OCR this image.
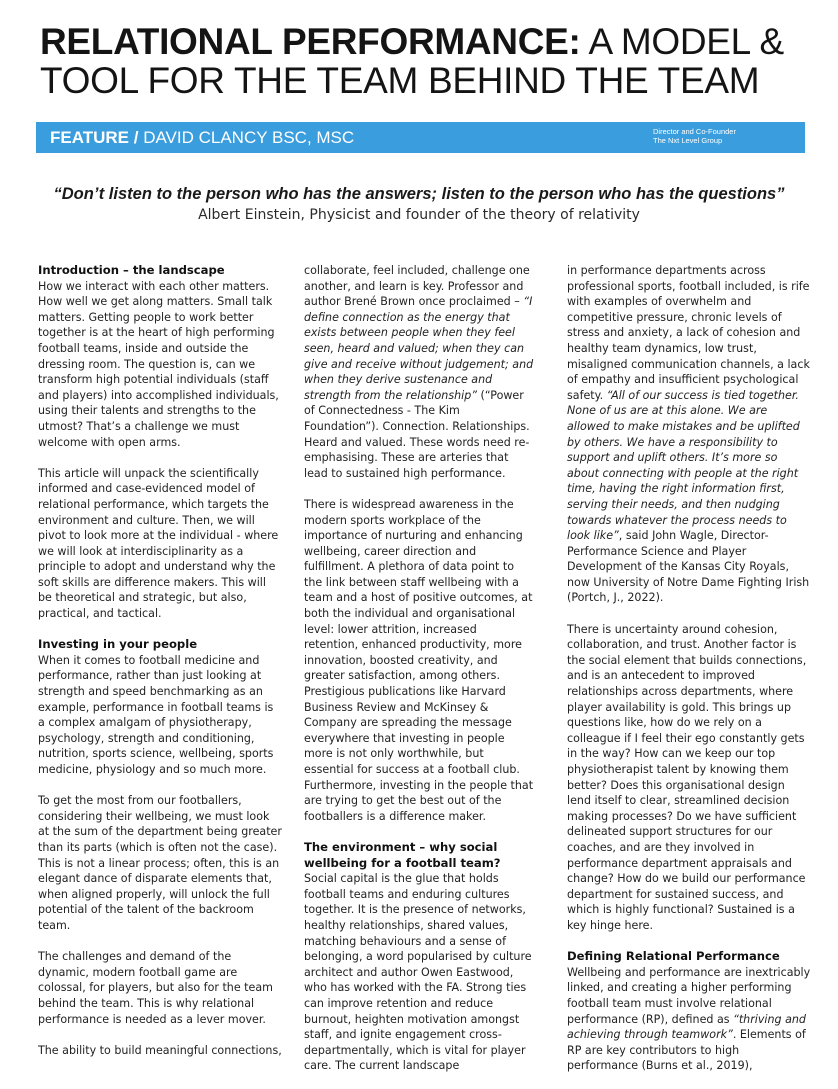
RELATIONAL PERFORMANCE: A MODEL &
TOOL FOR THE TEAM BEHIND THE TEAM
FEATURE / DAVID CLANCY BSC, MSC	Director and Co-Founder
The Nxt Level Group
“Don’t listen to the person who has the answers; listen to the person who has the questions”
Albert Einstein, Physicist and founder of the theory of relativity
Introduction – the landscape

How we interact with each other matters. How well we get along matters. Small talk matters. Getting people to work better together is at the heart of high performing football teams, inside and outside the dressing room. The question is, can we transform high potential individuals (staff and players) into accomplished individuals, using their talents and strengths to the utmost? That’s a challenge we must welcome with open arms.

This article will unpack the scientifically informed and case-evidenced model of relational performance, which targets the environment and culture. Then, we will pivot to look more at the individual - where we will look at interdisciplinarity as a principle to adopt and understand why the soft skills are difference makers. This will be theoretical and strategic, but also, practical, and tactical.

Investing in your people

When it comes to football medicine and performance, rather than just looking at strength and speed benchmarking as an example, performance in football teams is a complex amalgam of physiotherapy, psychology, strength and conditioning, nutrition, sports science, wellbeing, sports medicine, physiology and so much more.

To get the most from our footballers, considering their wellbeing, we must look at the sum of the department being greater than its parts (which is often not the case). This is not a linear process; often, this is an elegant dance of disparate elements that, when aligned properly, will unlock the full potential of the talent of the backroom team.

The challenges and demand of the dynamic, modern football game are colossal, for players, but also for the team behind the team. This is why relational performance is needed as a lever mover.

The ability to build meaningful connections,

collaborate, feel included, challenge one another, and learn is key. Professor and author Brené Brown once proclaimed – “I define connection as the energy that exists between people when they feel seen, heard and valued; when they can give and receive without judgement; and when they derive sustenance and strength from the relationship” (“Power of Connectedness - The Kim Foundation”). Connection. Relationships. Heard and valued. These words need re-emphasising. These are arteries that lead to sustained high performance.

There is widespread awareness in the modern sports workplace of the importance of nurturing and enhancing wellbeing, career direction and fulfillment. A plethora of data point to the link between staff wellbeing with a team and a host of positive outcomes, at both the individual and organisational level: lower attrition, increased retention, enhanced productivity, more innovation, boosted creativity, and greater satisfaction, among others. Prestigious publications like Harvard Business Review and McKinsey & Company are spreading the message everywhere that investing in people more is not only worthwhile, but essential for success at a football club. Furthermore, investing in the people that are trying to get the best out of the footballers is a difference maker.

The environment – why social wellbeing for a football team?

Social capital is the glue that holds football teams and enduring cultures together. It is the presence of networks, healthy relationships, shared values, matching behaviours and a sense of belonging, a word popularised by culture architect and author Owen Eastwood, who has worked with the FA. Strong ties can improve retention and reduce burnout, heighten motivation amongst staff, and ignite engagement cross-departmentally, which is vital for player care. The current landscape

in performance departments across professional sports, football included, is rife with examples of overwhelm and competitive pressure, chronic levels of stress and anxiety, a lack of cohesion and healthy team dynamics, low trust, misaligned communication channels, a lack of empathy and insufficient psychological safety. “All of our success is tied together. None of us are at this alone. We are allowed to make mistakes and be uplifted by others. We have a responsibility to support and uplift others. It’s more so about connecting with people at the right time, having the right information first, serving their needs, and then nudging towards whatever the process needs to look like”, said John Wagle, Director-Performance Science and Player Development of the Kansas City Royals, now University of Notre Dame Fighting Irish (Portch, J., 2022).

There is uncertainty around cohesion, collaboration, and trust. Another factor is the social element that builds connections, and is an antecedent to improved relationships across departments, where player availability is gold. This brings up questions like, how do we rely on a colleague if I feel their ego constantly gets in the way? How can we keep our top physiotherapist talent by knowing them better? Does this organisational design lend itself to clear, streamlined decision making processes? Do we have sufficient delineated support structures for our coaches, and are they involved in performance department appraisals and change? How do we build our performance department for sustained success, and which is highly functional? Sustained is a key hinge here.

Defining Relational Performance

Wellbeing and performance are inextricably linked, and creating a higher performing football team must involve relational performance (RP), defined as “thriving and achieving through teamwork”. Elements of RP are key contributors to high performance (Burns et al., 2019),
